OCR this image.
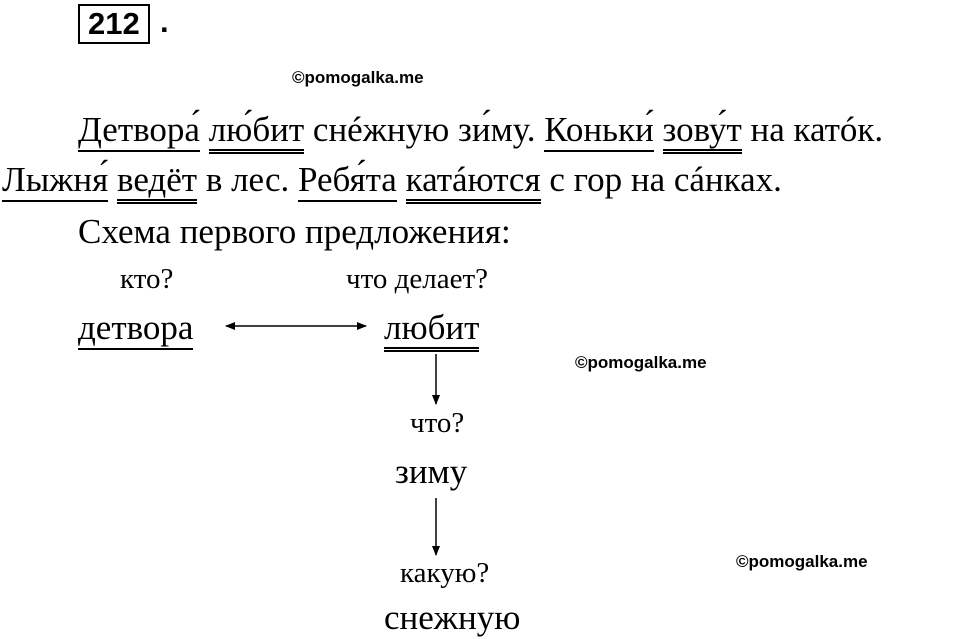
212 .
©pomogalka.me
©pomogalka.me
©pomogalka.me
Детвора́ лю́бит снéжную зи́му. Коньки́ зову́т на катóк.
Лыжня́ ведёт в лес. Ребя́та катáются с гор на сáнках.
Схема первого предложения:
кто?	что делает?
детвора	любит
что?
зиму
какую?
снежную
